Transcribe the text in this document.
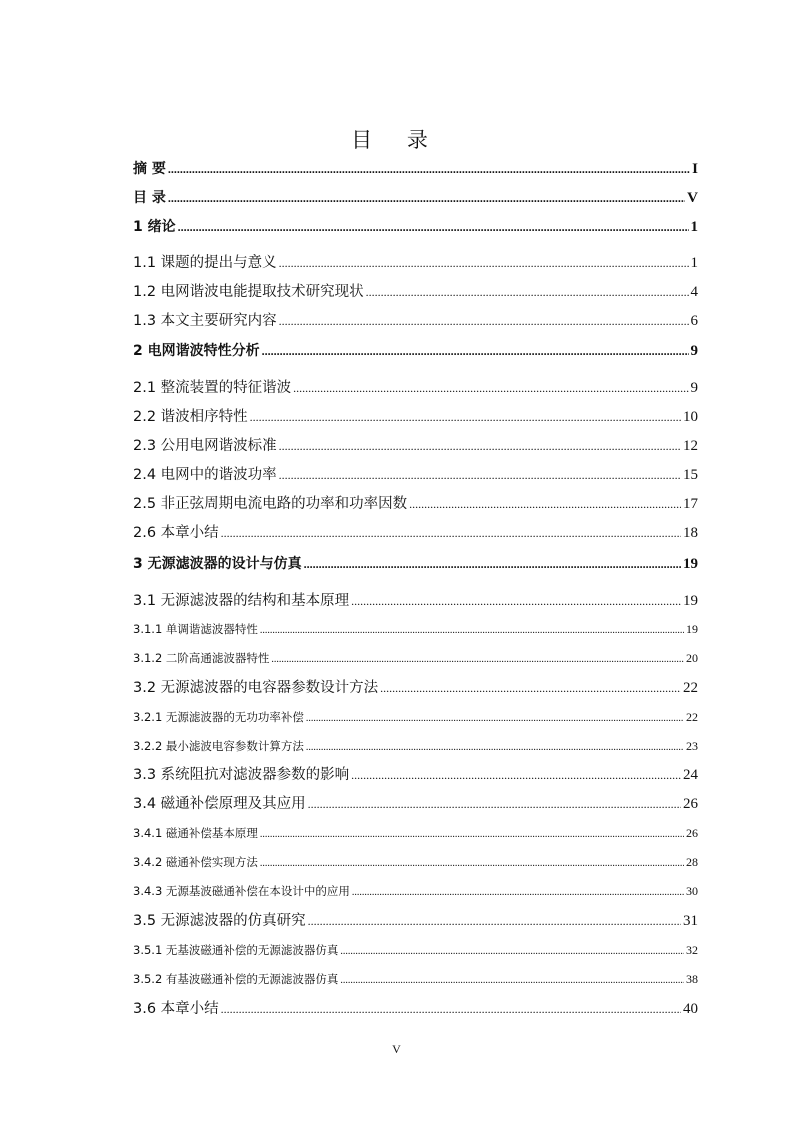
目 录
摘 要 .....	I
目 录 .....	V
1 绪论 .....	1
1.1 课题的提出与意义 .....	1
1.2 电网谐波电能提取技术研究现状 .....	4
1.3 本文主要研究内容 .....	6
2 电网谐波特性分析 .....	9
2.1 整流装置的特征谐波 .....	9
2.2 谐波相序特性 .....	10
2.3 公用电网谐波标准 .....	12
2.4 电网中的谐波功率 .....	15
2.5 非正弦周期电流电路的功率和功率因数 .....	17
2.6 本章小结 .....	18
3 无源滤波器的设计与仿真 .....	19
3.1 无源滤波器的结构和基本原理 .....	19
3.1.1 单调谐滤波器特性 .....	19
3.1.2 二阶高通滤波器特性 .....	20
3.2 无源滤波器的电容器参数设计方法 .....	22
3.2.1 无源滤波器的无功功率补偿 .....	22
3.2.2 最小滤波电容参数计算方法 .....	23
3.3 系统阻抗对滤波器参数的影响 .....	24
3.4 磁通补偿原理及其应用 .....	26
3.4.1 磁通补偿基本原理 .....	26
3.4.2 磁通补偿实现方法 .....	28
3.4.3 无源基波磁通补偿在本设计中的应用 .....	30
3.5 无源滤波器的仿真研究 .....	31
3.5.1 无基波磁通补偿的无源滤波器仿真 .....	32
3.5.2 有基波磁通补偿的无源滤波器仿真 .....	38
3.6 本章小结 .....	40
V
